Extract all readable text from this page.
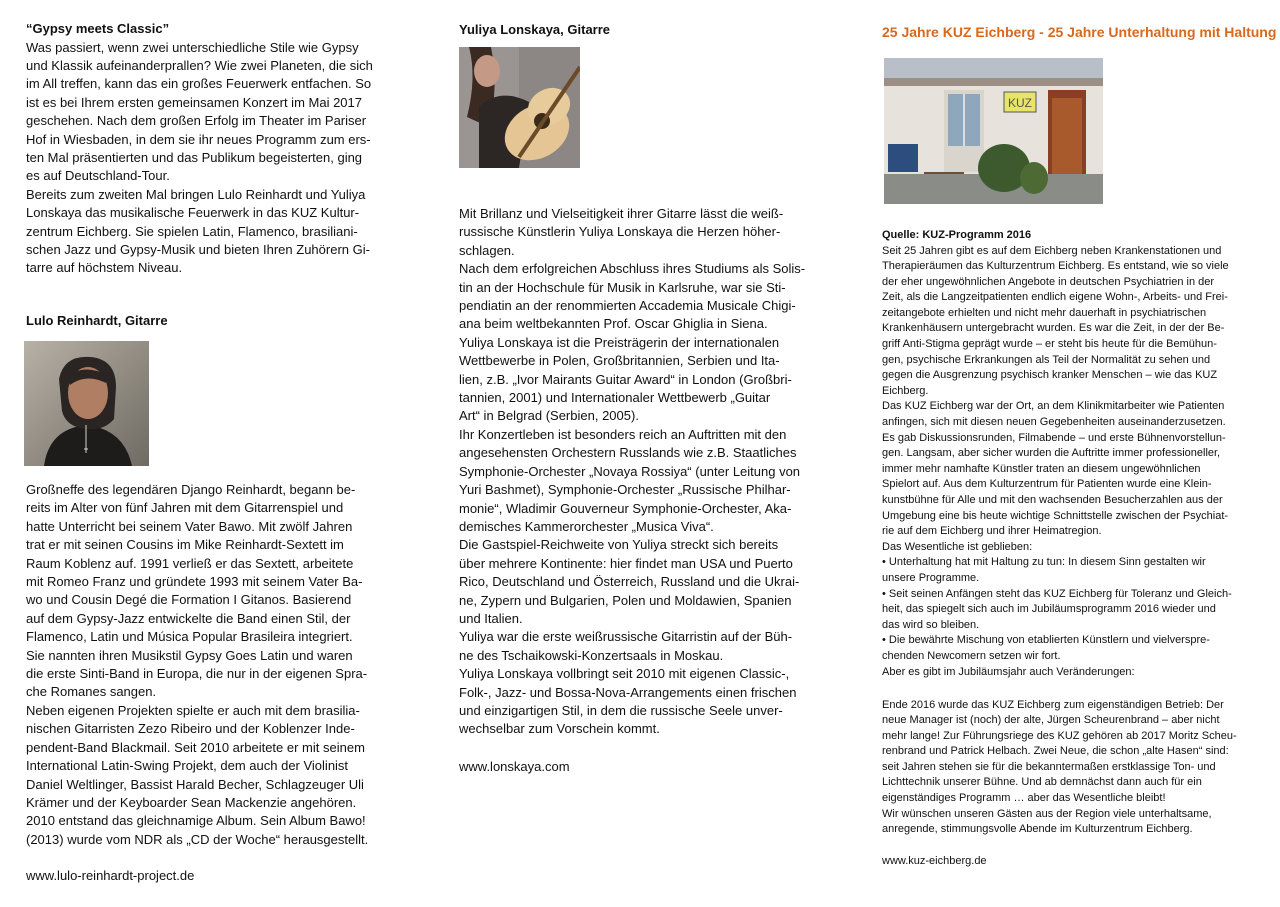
“Gypsy meets Classic”

Was passiert, wenn zwei unterschiedliche Stile wie Gypsy
und Klassik aufeinanderprallen? Wie zwei Planeten, die sich
im All treffen, kann das ein großes Feuerwerk entfachen. So
ist es bei Ihrem ersten gemeinsamen Konzert im Mai 2017
geschehen. Nach dem großen Erfolg im Theater im Pariser
Hof in Wiesbaden, in dem sie ihr neues Programm zum ers-
ten Mal präsentierten und das Publikum begeisterten, ging
es auf Deutschland-Tour.
Bereits zum zweiten Mal bringen Lulo Reinhardt und Yuliya
Lonskaya das musikalische Feuerwerk in das KUZ Kultur-
zentrum Eichberg. Sie spielen Latin, Flamenco, brasiliani-
schen Jazz und Gypsy-Musik und bieten Ihren Zuhörern Gi-
tarre auf höchstem Niveau.

Lulo Reinhardt, Gitarre

Großneffe des legendären Django Reinhardt, begann be-
reits im Alter von fünf Jahren mit dem Gitarrenspiel und
hatte Unterricht bei seinem Vater Bawo. Mit zwölf Jahren
trat er mit seinen Cousins im Mike Reinhardt-Sextett im
Raum Koblenz auf. 1991 verließ er das Sextett, arbeitete
mit Romeo Franz und gründete 1993 mit seinem Vater Ba-
wo und Cousin Degé die Formation I Gitanos. Basierend
auf dem Gypsy-Jazz entwickelte die Band einen Stil, der
Flamenco, Latin und Música Popular Brasileira integriert.
Sie nannten ihren Musikstil Gypsy Goes Latin und waren
die erste Sinti-Band in Europa, die nur in der eigenen Spra-
che Romanes sangen.
Neben eigenen Projekten spielte er auch mit dem brasilia-
nischen Gitarristen Zezo Ribeiro und der Koblenzer Inde-
pendent-Band Blackmail. Seit 2010 arbeitete er mit seinem
International Latin-Swing Projekt, dem auch der Violinist
Daniel Weltlinger, Bassist Harald Becher, Schlagzeuger Uli
Krämer und der Keyboarder Sean Mackenzie angehören.
2010 entstand das gleichnamige Album. Sein Album Bawo!
(2013) wurde vom NDR als „CD der Woche“ herausgestellt.

www.lulo-reinhardt-project.de

Yuliya Lonskaya, Gitarre

Mit Brillanz und Vielseitigkeit ihrer Gitarre lässt die weiß-
russische Künstlerin Yuliya Lonskaya die Herzen höher-
schlagen.
Nach dem erfolgreichen Abschluss ihres Studiums als Solis-
tin an der Hochschule für Musik in Karlsruhe, war sie Sti-
pendiatin an der renommierten Accademia Musicale Chigi-
ana beim weltbekannten Prof. Oscar Ghiglia in Siena.
Yuliya Lonskaya ist die Preisträgerin der internationalen
Wettbewerbe in Polen, Großbritannien, Serbien und Ita-
lien, z.B. „Ivor Mairants Guitar Award“ in London (Großbri-
tannien, 2001) und Internationaler Wettbewerb „Guitar
Art“ in Belgrad (Serbien, 2005).
Ihr Konzertleben ist besonders reich an Auftritten mit den
angesehensten Orchestern Russlands wie z.B. Staatliches
Symphonie-Orchester „Novaya Rossiya“ (unter Leitung von
Yuri Bashmet), Symphonie-Orchester „Russische Philhar-
monie“, Wladimir Gouverneur Symphonie-Orchester, Aka-
demisches Kammerorchester „Musica Viva“.
Die Gastspiel-Reichweite von Yuliya streckt sich bereits
über mehrere Kontinente: hier findet man USA und Puerto
Rico, Deutschland und Österreich, Russland und die Ukrai-
ne, Zypern und Bulgarien, Polen und Moldawien, Spanien
und Italien.
Yuliya war die erste weißrussische Gitarristin auf der Büh-
ne des Tschaikowski-Konzertsaals in Moskau.
Yuliya Lonskaya vollbringt seit 2010 mit eigenen Classic-,
Folk-, Jazz- und Bossa-Nova-Arrangements einen frischen
und einzigartigen Stil, in dem die russische Seele unver-
wechselbar zum Vorschein kommt.

www.lonskaya.com

25 Jahre KUZ Eichberg - 25 Jahre Unterhaltung mit Haltung

KUZ

Quelle: KUZ-Programm 2016

Seit 25 Jahren gibt es auf dem Eichberg neben Krankenstationen und
Therapieräumen das Kulturzentrum Eichberg. Es entstand, wie so viele
der eher ungewöhnlichen Angebote in deutschen Psychiatrien in der
Zeit, als die Langzeitpatienten endlich eigene Wohn-, Arbeits- und Frei-
zeitangebote erhielten und nicht mehr dauerhaft in psychiatrischen
Krankenhäusern untergebracht wurden. Es war die Zeit, in der der Be-
griff Anti-Stigma geprägt wurde – er steht bis heute für die Bemühun-
gen, psychische Erkrankungen als Teil der Normalität zu sehen und
gegen die Ausgrenzung psychisch kranker Menschen – wie das KUZ
Eichberg.
Das KUZ Eichberg war der Ort, an dem Klinikmitarbeiter wie Patienten
anfingen, sich mit diesen neuen Gegebenheiten auseinanderzusetzen.
Es gab Diskussionsrunden, Filmabende – und erste Bühnenvorstellun-
gen. Langsam, aber sicher wurden die Auftritte immer professioneller,
immer mehr namhafte Künstler traten an diesem ungewöhnlichen
Spielort auf. Aus dem Kulturzentrum für Patienten wurde eine Klein-
kunstbühne für Alle und mit den wachsenden Besucherzahlen aus der
Umgebung eine bis heute wichtige Schnittstelle zwischen der Psychiat-
rie auf dem Eichberg und ihrer Heimatregion.
Das Wesentliche ist geblieben:
• Unterhaltung hat mit Haltung zu tun: In diesem Sinn gestalten wir
unsere Programme.
• Seit seinen Anfängen steht das KUZ Eichberg für Toleranz und Gleich-
heit, das spiegelt sich auch im Jubiläumsprogramm 2016 wieder und
das wird so bleiben.
• Die bewährte Mischung von etablierten Künstlern und vielverspre-
chenden Newcomern setzen wir fort.
Aber es gibt im Jubiläumsjahr auch Veränderungen:
Ende 2016 wurde das KUZ Eichberg zum eigenständigen Betrieb: Der
neue Manager ist (noch) der alte, Jürgen Scheurenbrand – aber nicht
mehr lange! Zur Führungsriege des KUZ gehören ab 2017 Moritz Scheu-
renbrand und Patrick Helbach. Zwei Neue, die schon „alte Hasen“ sind:
seit Jahren stehen sie für die bekanntermaßen erstklassige Ton- und
Lichttechnik unserer Bühne. Und ab demnächst dann auch für ein
eigenständiges Programm … aber das Wesentliche bleibt!
Wir wünschen unseren Gästen aus der Region viele unterhaltsame,
anregende, stimmungsvolle Abende im Kulturzentrum Eichberg.

www.kuz-eichberg.de
